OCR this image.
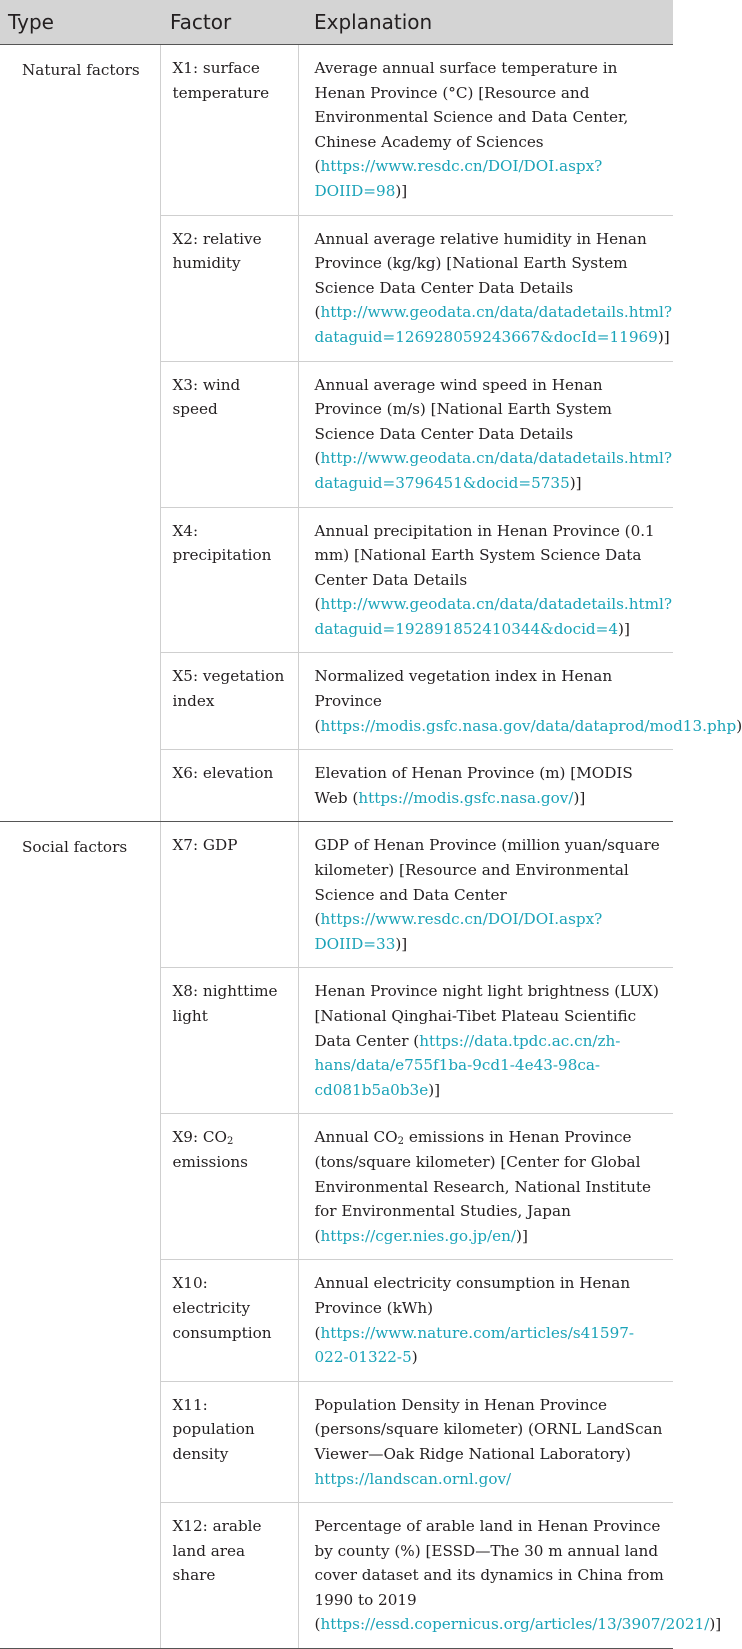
Type	Factor	Explanation
Natural factors	X1: surface temperature	Average annual surface temperature in Henan Province (°C) [Resource and Environmental Science and Data Center, Chinese Academy of Sciences (https://www.resdc.cn/DOI/DOI.aspx?DOIID=98)]
	X2: relative humidity	Annual average relative humidity in Henan Province (kg/kg) [National Earth System Science Data Center Data Details (http://www.geodata.cn/data/datadetails.html?dataguid=126928059243667&docId=11969)]
	X3: wind speed	Annual average wind speed in Henan Province (m/s) [National Earth System Science Data Center Data Details (http://www.geodata.cn/data/datadetails.html?dataguid=3796451&docid=5735)]
	X4: precipitation	Annual precipitation in Henan Province (0.1 mm) [National Earth System Science Data Center Data Details (http://www.geodata.cn/data/datadetails.html?dataguid=192891852410344&docid=4)]
	X5: vegetation index	Normalized vegetation index in Henan Province (https://modis.gsfc.nasa.gov/data/dataprod/mod13.php)
	X6: elevation	Elevation of Henan Province (m) [MODIS Web (https://modis.gsfc.nasa.gov/)]
Social factors	X7: GDP	GDP of Henan Province (million yuan/square kilometer) [Resource and Environmental Science and Data Center (https://www.resdc.cn/DOI/DOI.aspx?DOIID=33)]
	X8: nighttime light	Henan Province night light brightness (LUX) [National Qinghai-Tibet Plateau Scientific Data Center (https://data.tpdc.ac.cn/zh-hans/data/e755f1ba-9cd1-4e43-98ca-cd081b5a0b3e)]
	X9: $CO_2$ emissions	Annual $CO_2$ emissions in Henan Province (tons/square kilometer) [Center for Global Environmental Research, National Institute for Environmental Studies, Japan (https://cger.nies.go.jp/en/)]
	X10: electricity consumption	Annual electricity consumption in Henan Province (kWh) (https://www.nature.com/articles/s41597-022-01322-5)
	X11: population density	Population Density in Henan Province (persons/square kilometer) (ORNL LandScan Viewer—Oak Ridge National Laboratory) https://landscan.ornl.gov/
	X12: arable land area share	Percentage of arable land in Henan Province by county (%) [ESSD—The 30 m annual land cover dataset and its dynamics in China from 1990 to 2019 (https://essd.copernicus.org/articles/13/3907/2021/)]
